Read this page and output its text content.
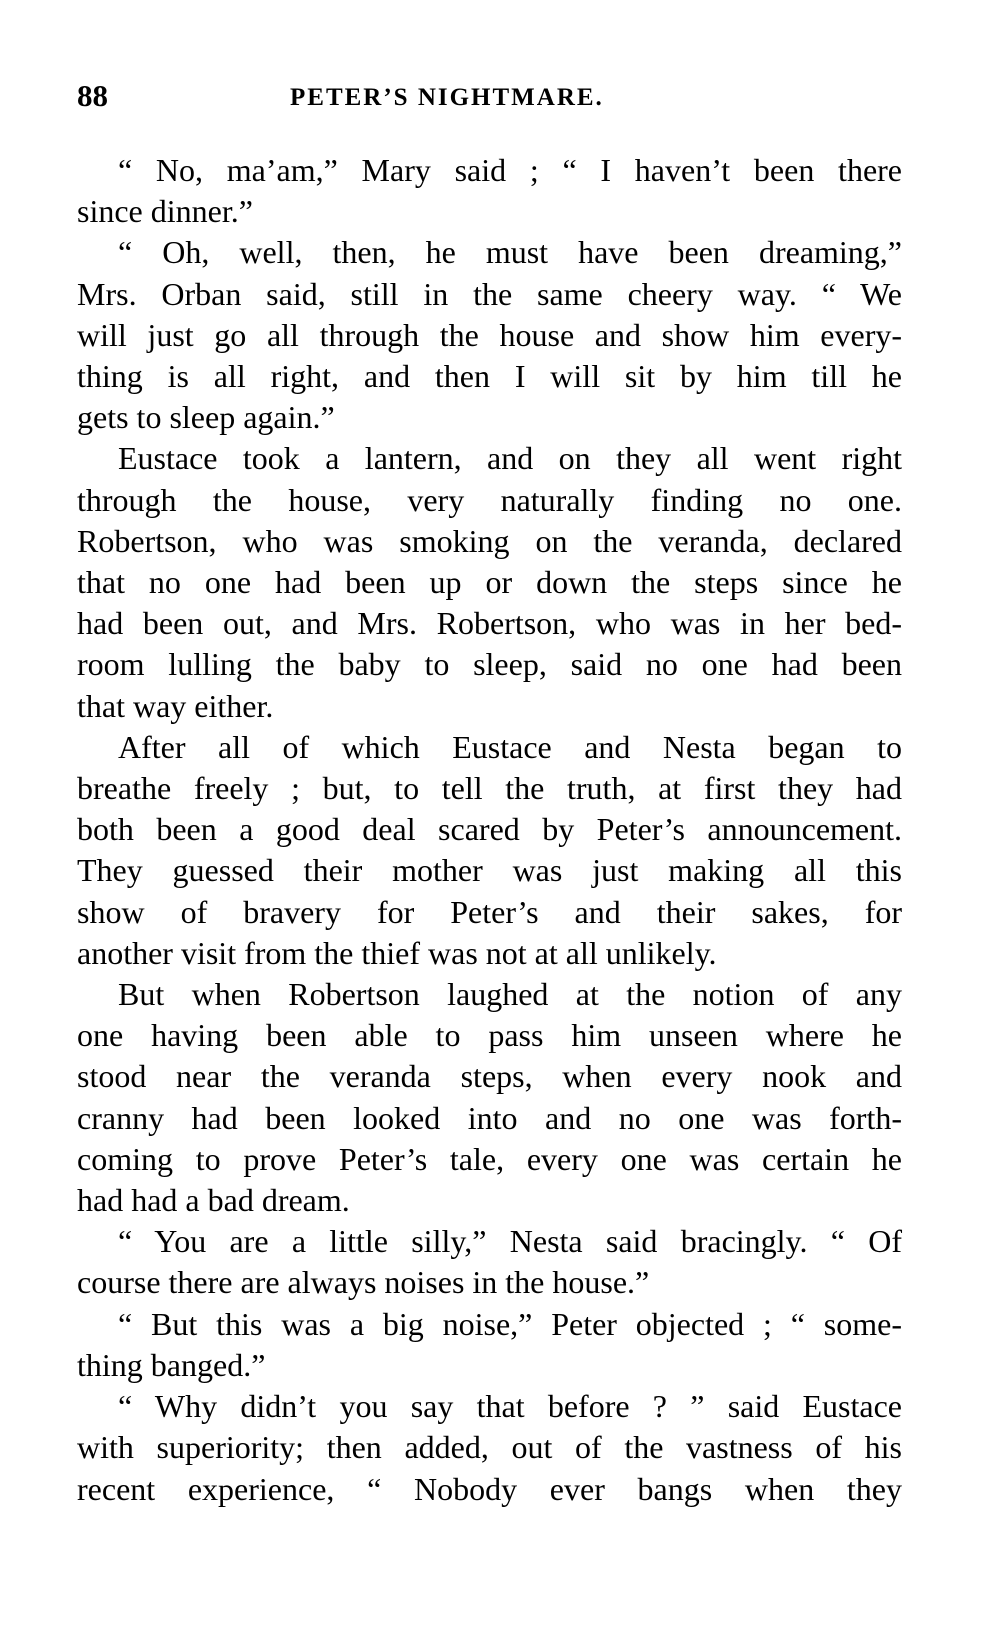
88	PETER’S NIGHTMARE.

“ No, ma’am,” Mary said ; “ I haven’t been there
since dinner.”

“ Oh, well, then, he must have been dreaming,”
Mrs. Orban said, still in the same cheery way. “ We
will just go all through the house and show him every-
thing is all right, and then I will sit by him till he
gets to sleep again.”

Eustace took a lantern, and on they all went right
through the house, very naturally finding no one.
Robertson, who was smoking on the veranda, declared
that no one had been up or down the steps since he
had been out, and Mrs. Robertson, who was in her bed-
room lulling the baby to sleep, said no one had been
that way either.

After all of which Eustace and Nesta began to
breathe freely ; but, to tell the truth, at first they had
both been a good deal scared by Peter’s announcement.
They guessed their mother was just making all this
show of bravery for Peter’s and their sakes, for
another visit from the thief was not at all unlikely.

But when Robertson laughed at the notion of any
one having been able to pass him unseen where he
stood near the veranda steps, when every nook and
cranny had been looked into and no one was forth-
coming to prove Peter’s tale, every one was certain he
had had a bad dream.

“ You are a little silly,” Nesta said bracingly. “ Of
course there are always noises in the house.”

“ But this was a big noise,” Peter objected ; “ some-
thing banged.”

“ Why didn’t you say that before ? ” said Eustace
with superiority; then added, out of the vastness of his
recent experience, “ Nobody ever bangs when they
